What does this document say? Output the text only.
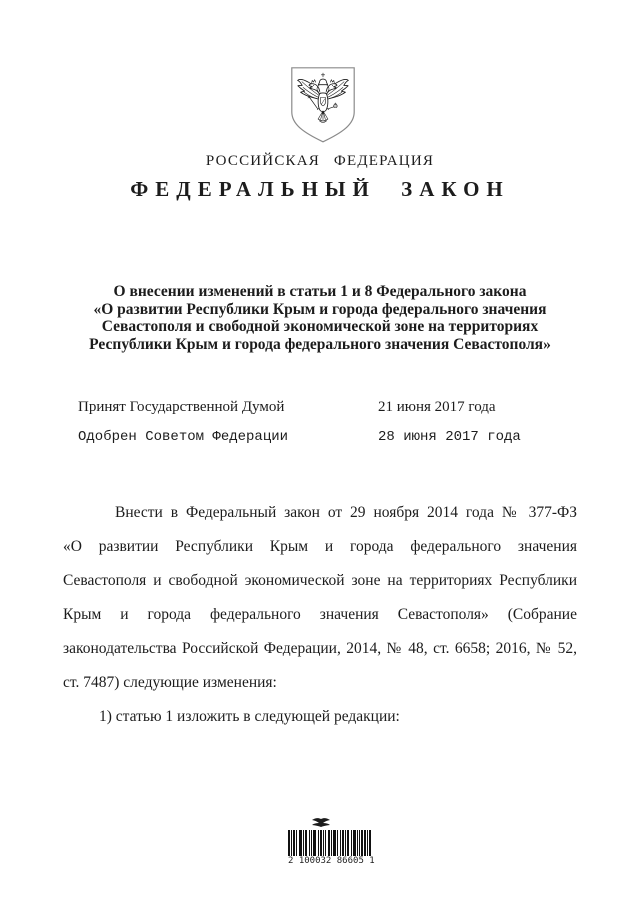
РОССИЙСКАЯ ФЕДЕРАЦИЯ
ФЕДЕРАЛЬНЫЙ ЗАКОН
О внесении изменений в статьи 1 и 8 Федерального закона
«О развитии Республики Крым и города федерального значения
Севастополя и свободной экономической зоне на территориях
Республики Крым и города федерального значения Севастополя»
Принят Государственной Думой	21 июня 2017 года
Одобрен Советом Федерации	28 июня 2017 года
Внести в Федеральный закон от 29 ноября 2014 года № 377-ФЗ
«О развитии Республики Крым и города федерального значения
Севастополя и свободной экономической зоне на территориях Республики
Крым и города федерального значения Севастополя» (Собрание
законодательства Российской Федерации, 2014, № 48, ст. 6658; 2016, № 52,
ст. 7487) следующие изменения:
1) статью 1 изложить в следующей редакции:
2 100032 86605 1
